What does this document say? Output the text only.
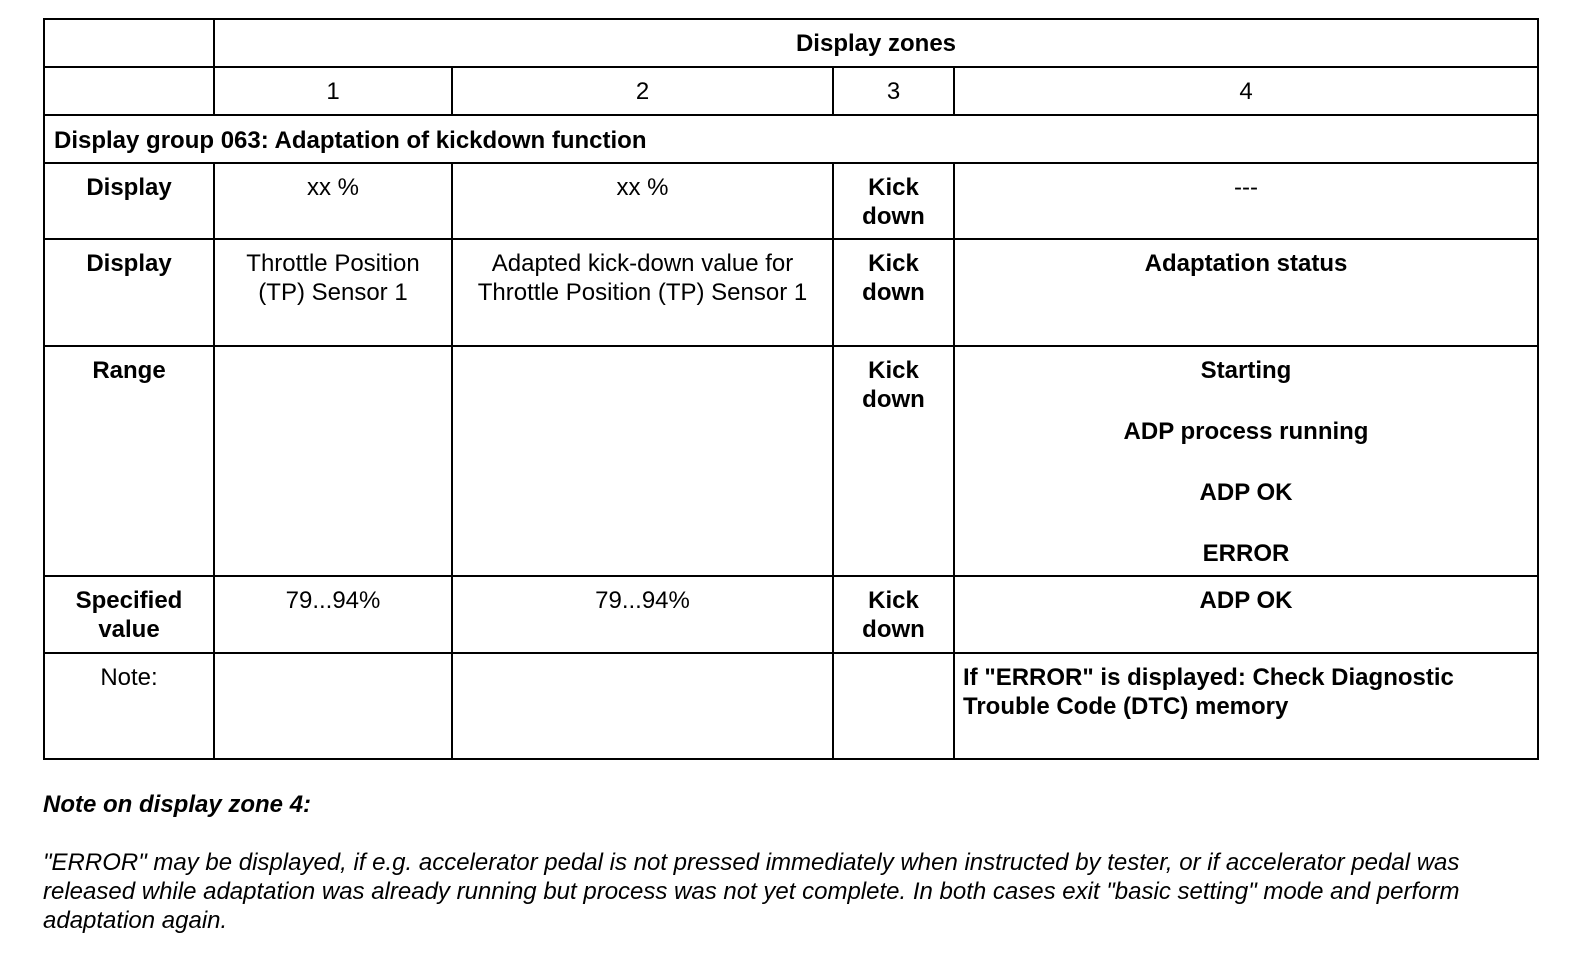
	Display zones			
	1	2	3	4
Display group 063: Adaptation of kickdown function				
Display	xx %	xx %	Kick down	---
Display	Throttle Position (TP) Sensor 1	Adapted kick-down value for Throttle Position (TP) Sensor 1	Kick down	Adaptation status
Range			Kick down	Starting
ADP process running
ADP OK
ERROR

Specified value	79...94%	79...94%	Kick down	ADP OK
Note:				If "ERROR" is displayed: Check Diagnostic Trouble Code (DTC) memory
Note on display zone 4:
"ERROR" may be displayed, if e.g. accelerator pedal is not pressed immediately when instructed by tester, or if accelerator pedal was released while adaptation was already running but process was not yet complete. In both cases exit "basic setting" mode and perform adaptation again.
